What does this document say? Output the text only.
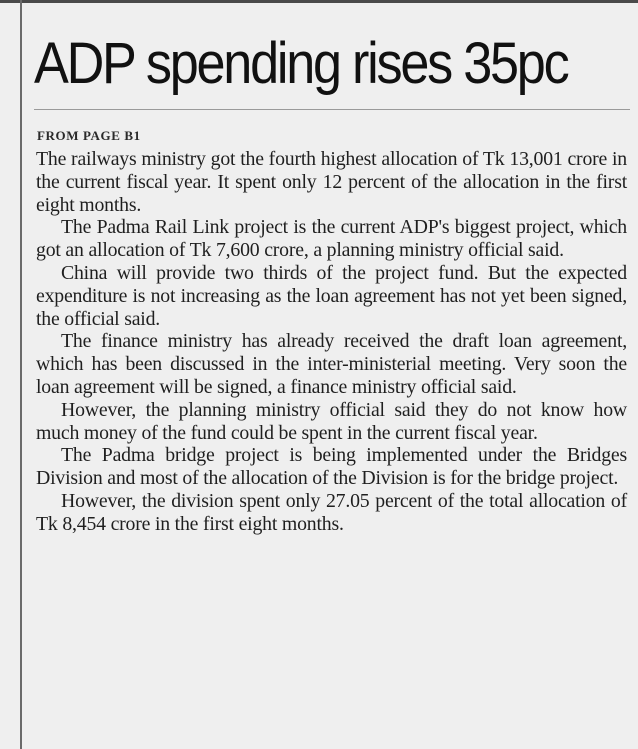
ADP spending rises 35pc

FROM PAGE B1

The railways ministry got the fourth highest allocation of Tk 13,001 crore in the current fiscal year. It spent only 12 percent of the allocation in the first eight months.

The Padma Rail Link project is the current ADP's biggest project, which got an allocation of Tk 7,600 crore, a planning ministry official said.

China will provide two thirds of the project fund. But the expected expenditure is not increasing as the loan agreement has not yet been signed, the official said.

The finance ministry has already received the draft loan agreement, which has been discussed in the inter-ministerial meeting. Very soon the loan agreement will be signed, a finance ministry official said.

However, the planning ministry official said they do not know how much money of the fund could be spent in the current fiscal year.

The Padma bridge project is being implemented under the Bridges Division and most of the allocation of the Division is for the bridge project.

However, the division spent only 27.05 percent of the total allocation of Tk 8,454 crore in the first eight months.
